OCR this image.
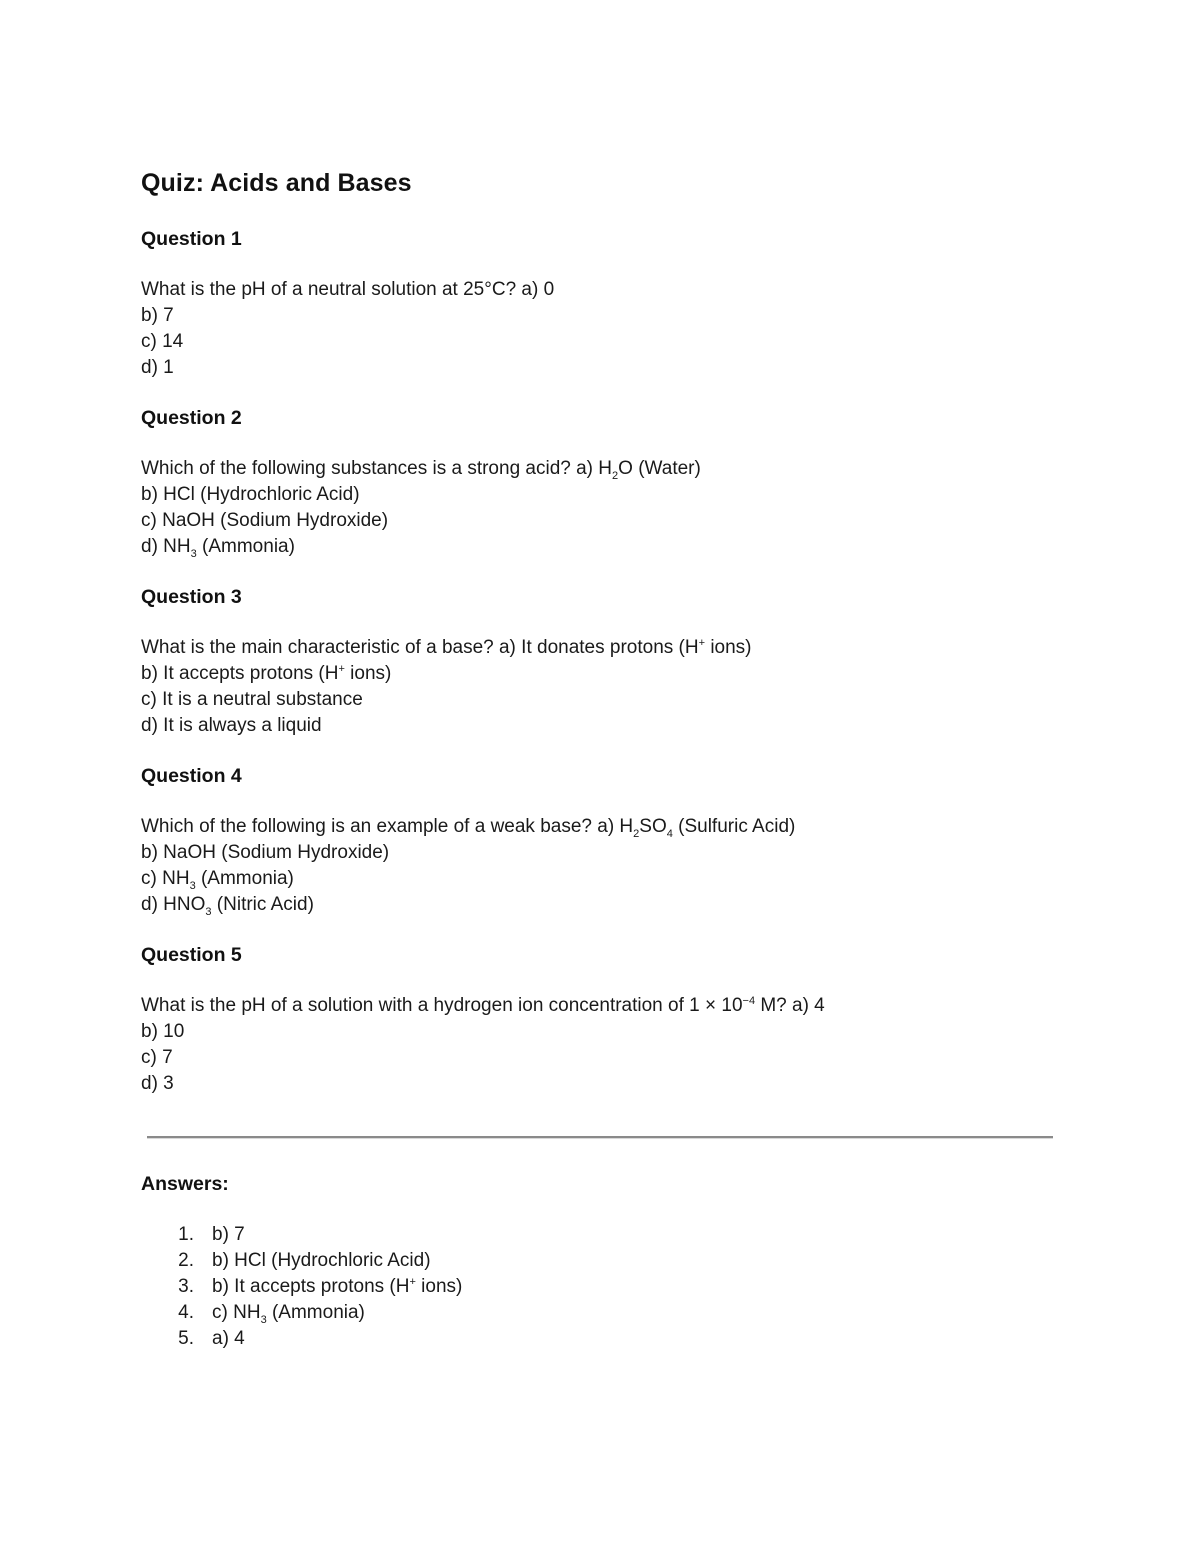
Quiz: Acids and Bases
Question 1

What is the pH of a neutral solution at 25°C? a) 0

b) 7

c) 14

d) 1

Question 2

Which of the following substances is a strong acid? a) $H_2O$ (Water)

b) HCl (Hydrochloric Acid)

c) NaOH (Sodium Hydroxide)

d) $NH_3$ (Ammonia)

Question 3

What is the main characteristic of a base? a) It donates protons (H+ ions)

b) It accepts protons (H+ ions)

c) It is a neutral substance

d) It is always a liquid

Question 4

Which of the following is an example of a weak base? a) $H_2SO_4$ (Sulfuric Acid)

b) NaOH (Sodium Hydroxide)

c) $NH_3$ (Ammonia)

d) $HNO_3$ (Nitric Acid)

Question 5

What is the pH of a solution with a hydrogen ion concentration of $1 \times 10^{-4}$ M? a) 4

b) 10

c) 7

d) 3

Answers:
1. b) 7
2. b) HCl (Hydrochloric Acid)
3. b) It accepts protons (H+ ions)
4. c) $NH_3$ (Ammonia)
5. a) 4
